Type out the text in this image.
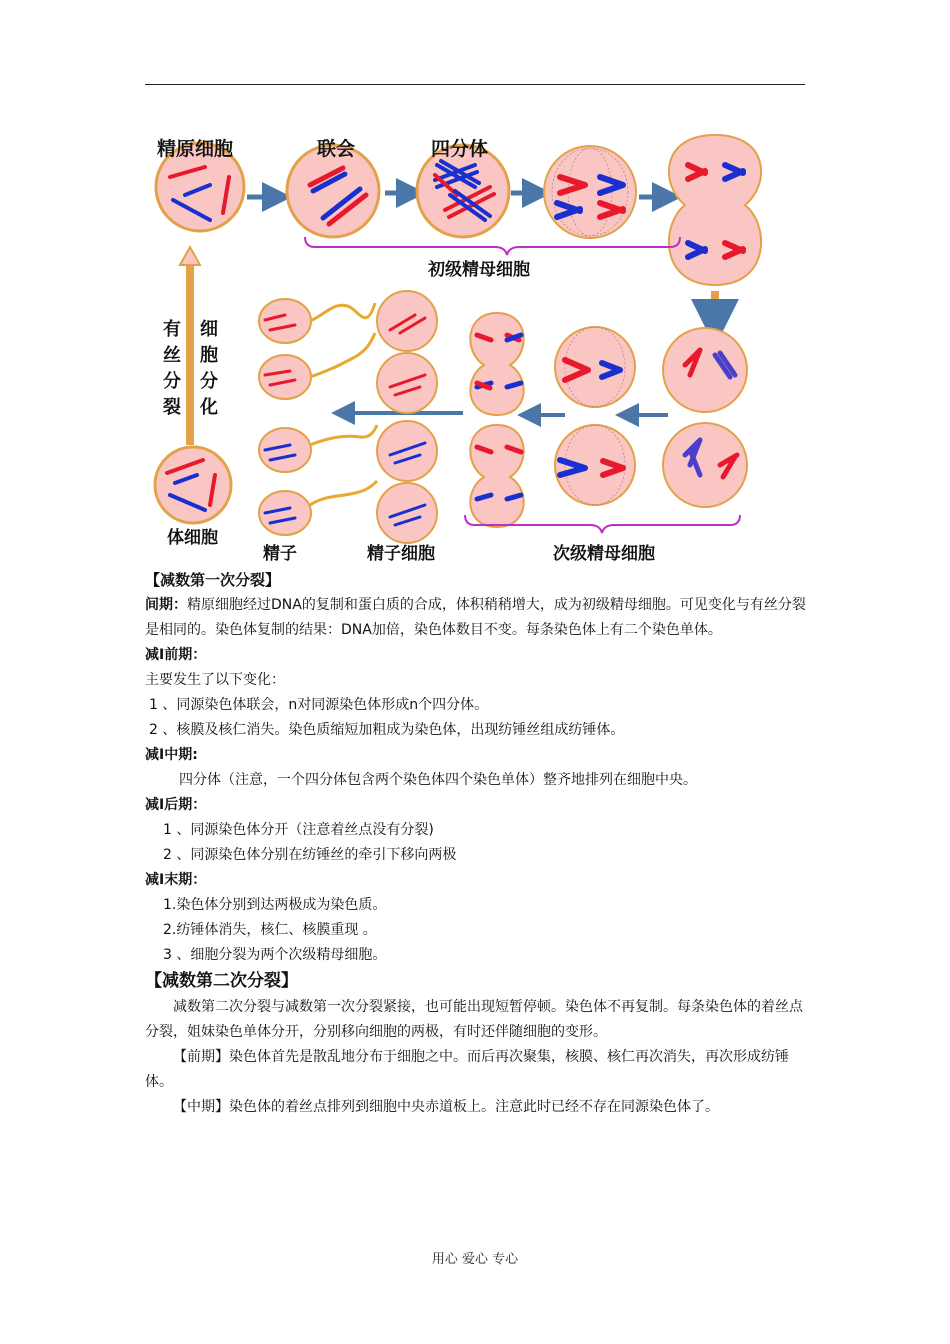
精原细胞	联会	四分体
初级精母细胞
有丝分裂
细胞分化
体细胞
精子	精子细胞	次级精母细胞

【减数第一次分裂】

间期：精原细胞经过DNA的复制和蛋白质的合成，体积稍稍增大，成为初级精母细胞。可见变化与有丝分裂是相同的。染色体复制的结果：DNA加倍，染色体数目不变。每条染色体上有二个染色单体。

减Ⅰ前期：

主要发生了以下变化：

1 、同源染色体联会，n对同源染色体形成n个四分体。

2 、核膜及核仁消失。染色质缩短加粗成为染色体，出现纺锤丝组成纺锤体。

减I中期:

四分体（注意，一个四分体包含两个染色体四个染色单体）整齐地排列在细胞中央。

减I后期：

1 、同源染色体分开（注意着丝点没有分裂)

2 、同源染色体分别在纺锤丝的牵引下移向两极

减I末期：

1.染色体分别到达两极成为染色质。

2.纺锤体消失，核仁、核膜重现 。

3 、细胞分裂为两个次级精母细胞。

【减数第二次分裂】

减数第二次分裂与减数第一次分裂紧接，也可能出现短暂停顿。染色体不再复制。每条染色体的着丝点分裂，姐妹染色单体分开，分别移向细胞的两极，有时还伴随细胞的变形。

【前期】染色体首先是散乱地分布于细胞之中。而后再次聚集，核膜、核仁再次消失，再次形成纺锤体。

【中期】染色体的着丝点排列到细胞中央赤道板上。注意此时已经不存在同源染色体了。

用心 爱心 专心
